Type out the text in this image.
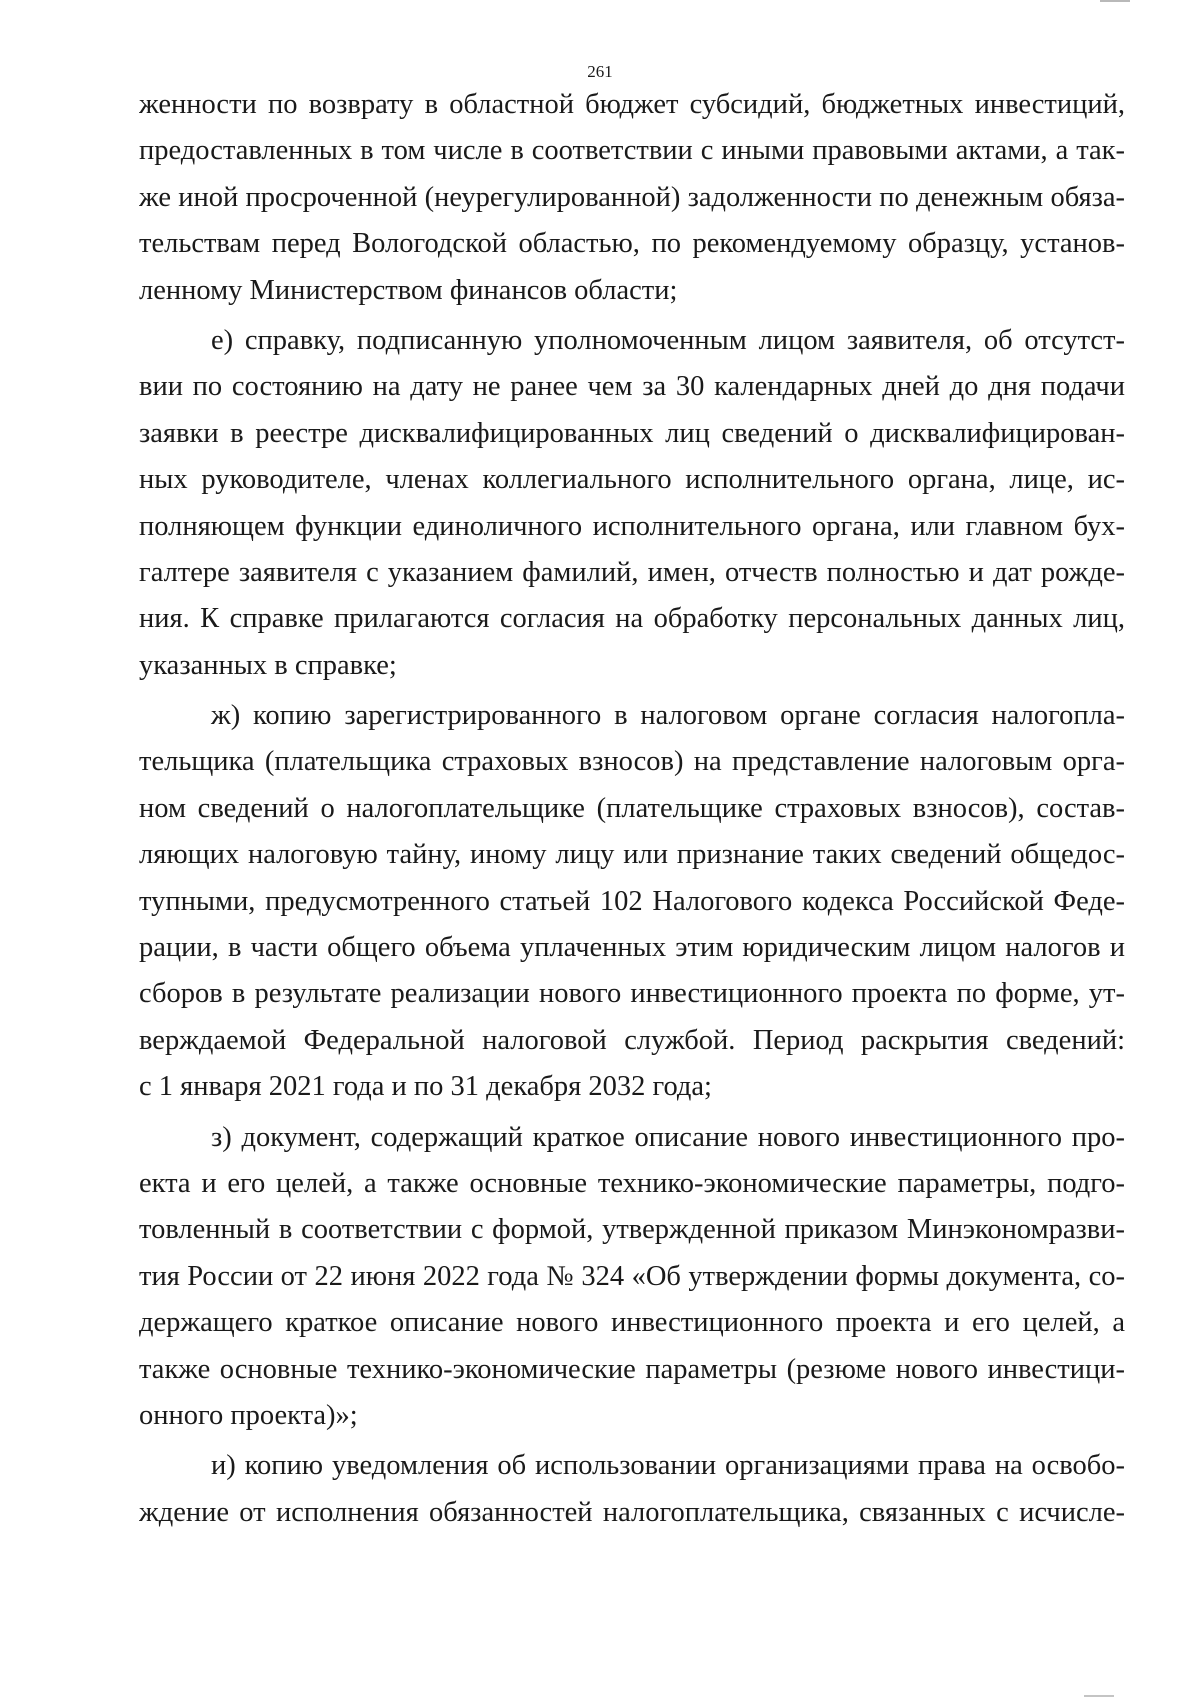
261
женности по возврату в областной бюджет субсидий, бюджетных инвестиций,
предоставленных в том числе в соответствии с иными правовыми актами, а так-
же иной просроченной (неурегулированной) задолженности по денежным обяза-
тельствам перед Вологодской областью, по рекомендуемому образцу, установ-
ленному Министерством финансов области;
е) справку, подписанную уполномоченным лицом заявителя, об отсутст-
вии по состоянию на дату не ранее чем за 30 календарных дней до дня подачи
заявки в реестре дисквалифицированных лиц сведений о дисквалифицирован-
ных руководителе, членах коллегиального исполнительного органа, лице, ис-
полняющем функции единоличного исполнительного органа, или главном бух-
галтере заявителя с указанием фамилий, имен, отчеств полностью и дат рожде-
ния. К справке прилагаются согласия на обработку персональных данных лиц,
указанных в справке;
ж) копию зарегистрированного в налоговом органе согласия налогопла-
тельщика (плательщика страховых взносов) на представление налоговым орга-
ном сведений о налогоплательщике (плательщике страховых взносов), состав-
ляющих налоговую тайну, иному лицу или признание таких сведений общедос-
тупными, предусмотренного статьей 102 Налогового кодекса Российской Феде-
рации, в части общего объема уплаченных этим юридическим лицом налогов и
сборов в результате реализации нового инвестиционного проекта по форме, ут-
верждаемой Федеральной налоговой службой. Период раскрытия сведений:
с 1 января 2021 года и по 31 декабря 2032 года;
з) документ, содержащий краткое описание нового инвестиционного про-
екта и его целей, а также основные технико-экономические параметры, подго-
товленный в соответствии с формой, утвержденной приказом Минэкономразви-
тия России от 22 июня 2022 года № 324 «Об утверждении формы документа, со-
держащего краткое описание нового инвестиционного проекта и его целей, а
также основные технико-экономические параметры (резюме нового инвестици-
онного проекта)»;
и) копию уведомления об использовании организациями права на освобо-
ждение от исполнения обязанностей налогоплательщика, связанных с исчисле-
